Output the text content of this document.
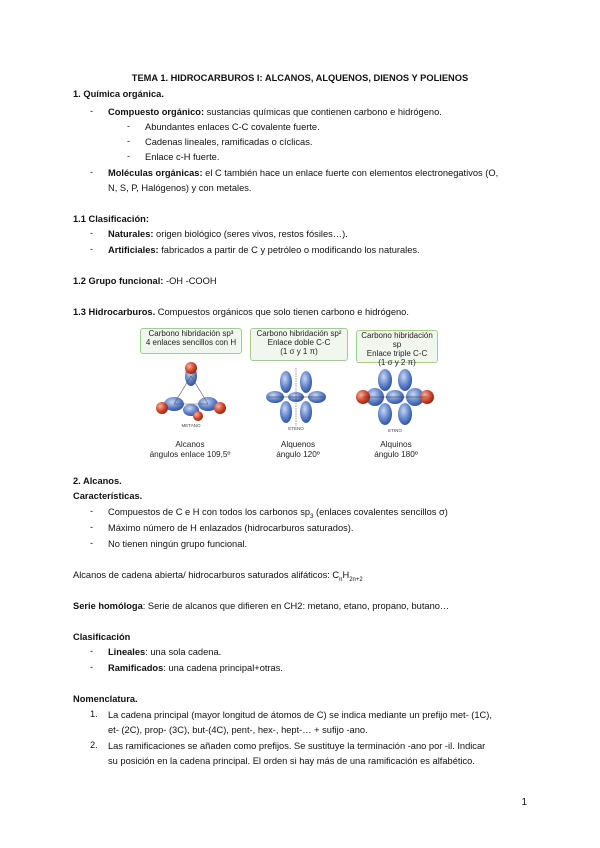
TEMA 1. HIDROCARBUROS I: ALCANOS, ALQUENOS, DIENOS Y POLIENOS
1. Química orgánica.
- Compuesto orgánico: sustancias químicas que contienen carbono e hidrógeno.
- Abundantes enlaces C-C covalente fuerte.
- Cadenas lineales, ramificadas o cíclicas.
- Enlace c-H fuerte.
- Moléculas orgánicas: el C también hace un enlace fuerte con elementos electronegativos (O,
N, S, P, Halógenos) y con metales.
1.1 Clasificación:
- Naturales: origen biológico (seres vivos, restos fósiles…).
- Artificiales: fabricados a partir de C y petróleo o modificando los naturales.
1.2 Grupo funcional: -OH -COOH
1.3 Hidrocarburos. Compuestos orgánicos que solo tienen carbono e hidrógeno.
Carbono hibridación sp³
4 enlaces sencillos con H
Carbono hibridación sp²
Enlace doble C-C
(1 σ y 1 π)
Carbono hibridación sp
Enlace triple C-C
(1 σ y 2 π)
METANO
ETENO	ETINO
Alcanos
ángulos enlace 109,5º
Alquenos
ángulo 120º
Alquinos
ángulo 180º
2. Alcanos.
Características.
- Compuestos de C e H con todos los carbonos $sp_3$ (enlaces covalentes sencillos σ)
- Máximo número de H enlazados (hidrocarburos saturados).
- No tienen ningún grupo funcional.
Alcanos de cadena abierta/ hidrocarburos saturados alifáticos: $C_nH_{2n+2}$
Serie homóloga: Serie de alcanos que difieren en CH2: metano, etano, propano, butano…
Clasificación
- Lineales: una sola cadena.
- Ramificados: una cadena principal+otras.
Nomenclatura.
1. La cadena principal (mayor longitud de átomos de C) se indica mediante un prefijo met- (1C),
et- (2C), prop- (3C), but-(4C), pent-, hex-, hept-… + sufijo -ano.
2. Las ramificaciones se añaden como prefijos. Se sustituye la terminación -ano por -il. Indicar
su posición en la cadena principal. El orden si hay más de una ramificación es alfabético.
1
